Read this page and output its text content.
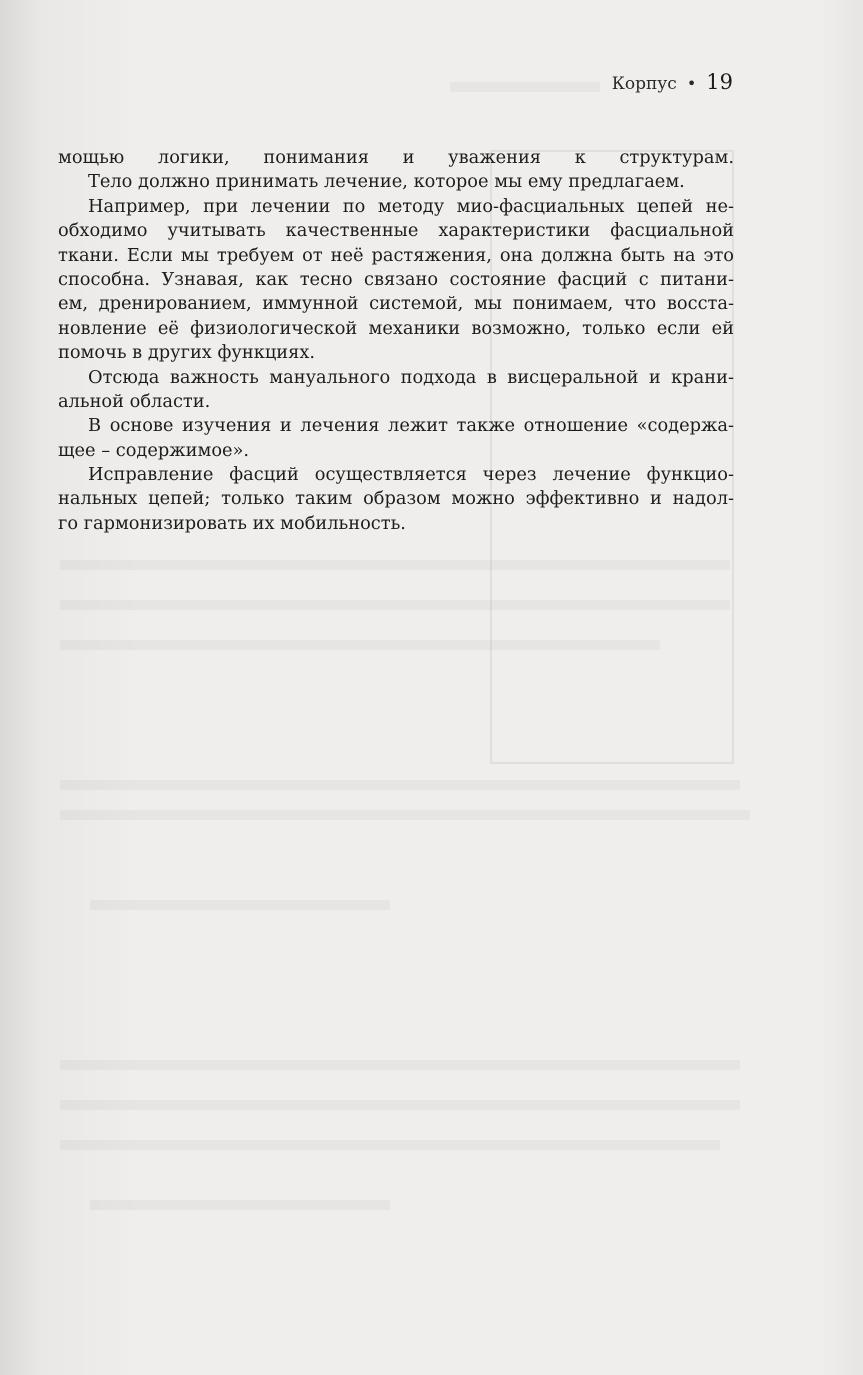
Корпус • 19
мощью логики, понимания и уважения к структурам.
Тело должно принимать лечение, которое мы ему предлагаем.
Например, при лечении по методу мио-фасциальных цепей не-
обходимо учитывать качественные характеристики фасциальной
ткани. Если мы требуем от неё растяжения, она должна быть на это
способна. Узнавая, как тесно связано состояние фасций с питани-
ем, дренированием, иммунной системой, мы понимаем, что восста-
новление её физиологической механики возможно, только если ей
помочь в других функциях.
Отсюда важность мануального подхода в висцеральной и крани-
альной области.
В основе изучения и лечения лежит также отношение «содержа-
щее – содержимое».
Исправление фасций осуществляется через лечение функцио-
нальных цепей; только таким образом можно эффективно и надол-
го гармонизировать их мобильность.
